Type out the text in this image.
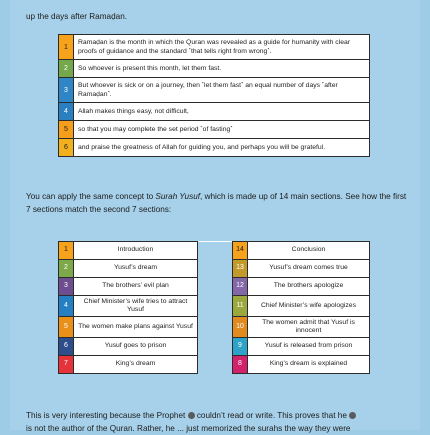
up the days after Ramaḍan.
1	Ramaḍan is the month in which the Quran was revealed as a guide for humanity with clear proofs of guidance and the standard ˹that tells right from wrong˺.
2	So whoever is present this month, let them fast.
3	But whoever is sick or on a journey, then ˹let them fast˺ an equal number of days ˹after Ramaḍan˺.
4	Allah makes things easy, not difficult,
5	so that you may complete the set period ˹of fasting˺
6	and praise the greatness of Allah for guiding you, and perhaps you will be grateful.
You can apply the same concept to Surah Yusuf, which is made up of 14 main sections. See how the first 7 sections match the second 7 sections:
1	Introduction		14	Conclusion
2	Yusuf’s dream		13	Yusuf’s dream comes true
3	The brothers’ evil plan		12	The brothers apologize
4	Chief Minister’s wife tries to attract Yusuf		11	Chief Minister’s wife apologizes
5	The women make plans against Yusuf		10	The women admit that Yusuf is innocent
6	Yusuf goes to prison		9	Yusuf is released from prison
7	King’s dream		8	King’s dream is explained
This is very interesting because the Prophet  couldn’t read or write. This proves that he
is not the author of the Quran. Rather, he ... just memorized the surahs the way they were
